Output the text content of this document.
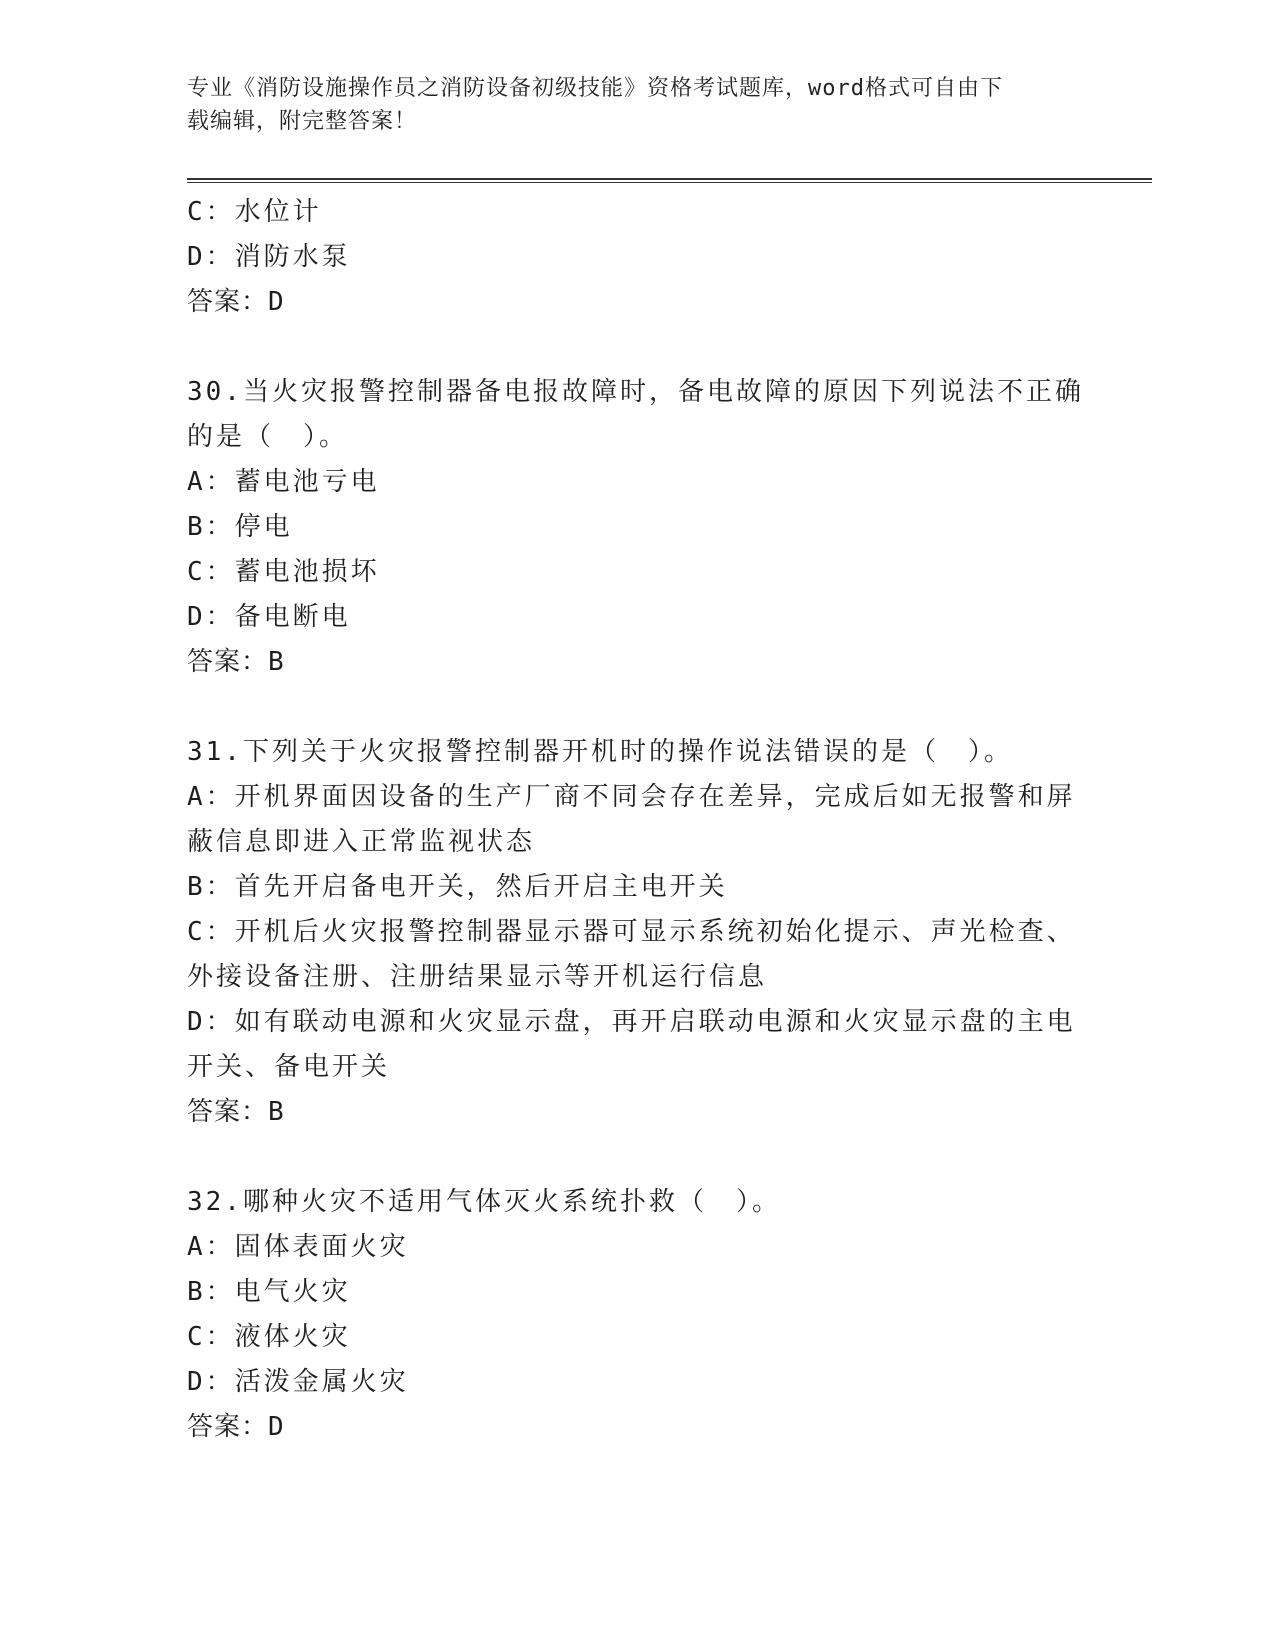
专业《消防设施操作员之消防设备初级技能》资格考试题库，word格式可自由下
载编辑，附完整答案！
C：水位计
D：消防水泵
答案：D
30.当火灾报警控制器备电报故障时，备电故障的原因下列说法不正确
的是（　）。
A：蓄电池亏电
B：停电
C：蓄电池损坏
D：备电断电
答案：B
31.下列关于火灾报警控制器开机时的操作说法错误的是（　）。
A：开机界面因设备的生产厂商不同会存在差异，完成后如无报警和屏
蔽信息即进入正常监视状态
B：首先开启备电开关，然后开启主电开关
C：开机后火灾报警控制器显示器可显示系统初始化提示、声光检查、
外接设备注册、注册结果显示等开机运行信息
D：如有联动电源和火灾显示盘，再开启联动电源和火灾显示盘的主电
开关、备电开关
答案：B
32.哪种火灾不适用气体灭火系统扑救（　）。
A：固体表面火灾
B：电气火灾
C：液体火灾
D：活泼金属火灾
答案：D
